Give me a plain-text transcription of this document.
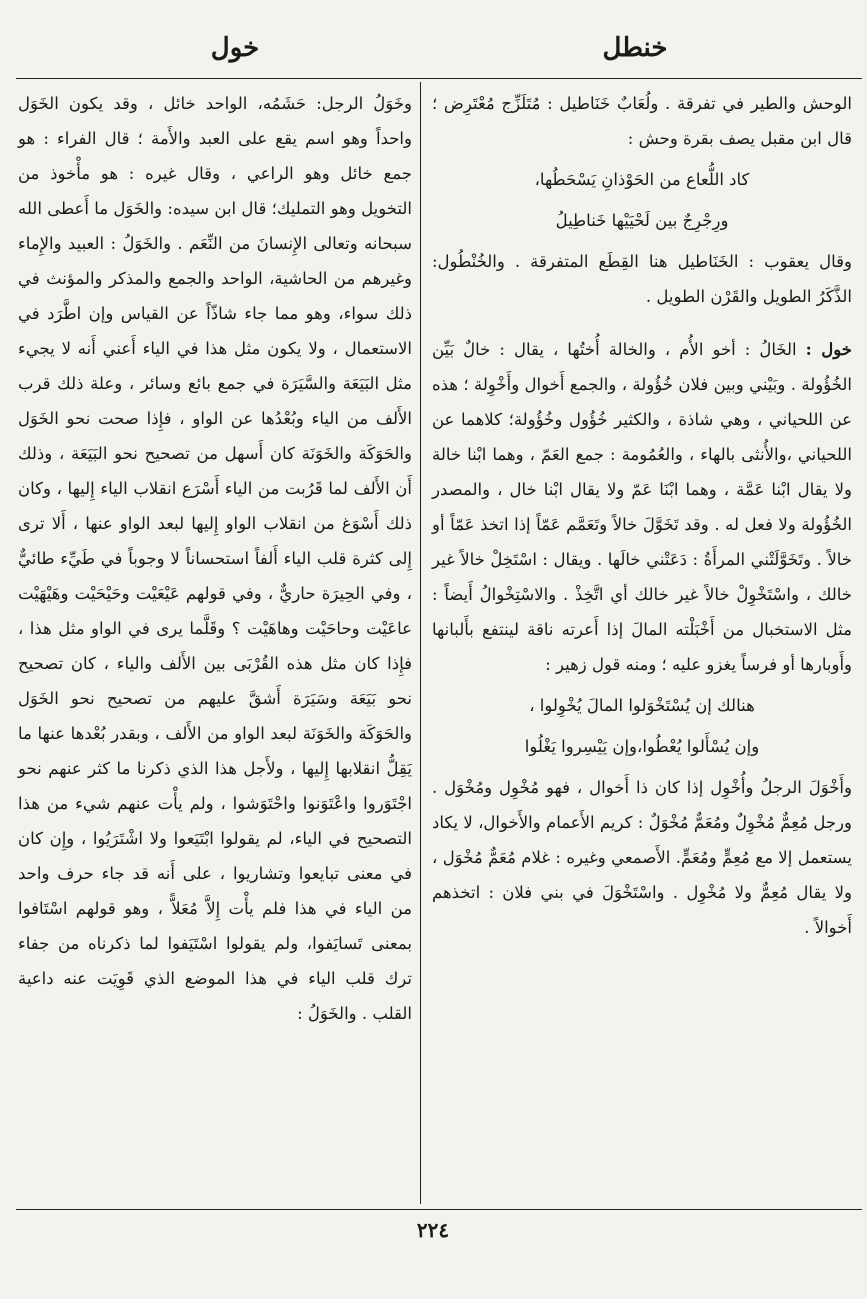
خنطل
خول

الوحش والطير في تفرقة . ولُعَابٌ خَنَاطيل : مُتَلَزِّج مُعْتَرِض ؛ قال ابن مقبل يصف بقرة وحش :

كاد اللُّعاع من الحَوْذانِ يَسْحَطُها،

ورِجْرِجٌ بين لَحْيَيْها خَناطِيلُ

وقال يعقوب : الخَنَاطيل هنا القِطَع المتفرقة . والخُنْطُول: الذَّكَرُ الطويل والقَرْن الطويل .

خول : الخَالُ : أخو الأُم ، والخالة أُختُها ، يقال : خالٌ بَيِّن الخُؤُولة . وبَيْني وبين فلان خُؤُولة ، والجمع أَخوال وأَخْوِلة ؛ هذه عن اللحياني ، وهي شاذة ، والكثير خُؤُول وخُؤُولة؛ كلاهما عن اللحياني ،والأُنثى بالهاء ، والعُمُومة : جمع العَمّ ، وهما ابْنا خالة ولا يقال ابْنا عَمَّة ، وهما ابْنَا عَمّ ولا يقال ابْنا خال ، والمصدر الخُؤُولة ولا فعل له . وقد تَخَوَّلَ خالاً وتَعَمَّم عَمّاً إذا اتخذ عَمّاً أو خالاً . وتَخَوَّلَتْني المرأَةُ : دَعَتْني خالَها . ويقال : اسْتَخِلْ خالاً غير خالك ، واسْتَخْوِلْ خالاً غير خالك أي اتَّخِذْ . والاسْتِخْوالُ أَيضاً : مثل الاستخبال من أَخْبَلْته المالَ إذا أَعرته ناقة لينتفع بأَلبانها وأَوبارها أو فرساً يغزو عليه ؛ ومنه قول زهير :

هنالك إن يُسْتَخْوَلوا المالَ يُخْوِلوا ،

وإن يُسْأَلوا يُعْطُوا،وإن يَيْسِروا يَغْلُوا

وأَخْوَلَ الرجلُ وأُخْوِل إذا كان ذا أَخوال ، فهو مُخْوِل ومُخْوَل . ورجل مُعِمٌّ مُخْوِلٌ ومُعَمٌّ مُخْوَلٌ : كريم الأَعمام والأَخوال، لا يكاد يستعمل إلا مع مُعِمٍّ ومُعَمٍّ. الأَصمعي وغيره : غلام مُعَمٌّ مُخْوَل ، ولا يقال مُعِمٌّ ولا مُخْوِل . واسْتَخْوَلَ في بني فلان : اتخذهم أَخوالاً .

وخَوَلُ الرجل: حَشَمُه، الواحد خائل ، وقد يكون الخَوَل واحداً وهو اسم يقع على العبد والأَمة ؛ قال الفراء : هو جمع خائل وهو الراعي ، وقال غيره : هو مأْخوذ من التخويل وهو التمليك؛ قال ابن سيده: والخَوَل ما أَعطى الله سبحانه وتعالى الإِنسانَ من النِّعَم . والخَوَلُ : العبيد والإِماء وغيرهم من الحاشية، الواحد والجمع والمذكر والمؤنث في ذلك سواء، وهو مما جاء شاذّاً عن القياس وإن اطَّرَد في الاستعمال ، ولا يكون مثل هذا في الياء أَعني أَنه لا يجيء مثل البَيَعَة والسَّيَرَة في جمع بائع وسائر ، وعلة ذلك قرب الأَلف من الياء وبُعْدُها عن الواو ، فإِذا صحت نحو الخَوَل والحَوَكَة والخَوَنَة كان أَسهل من تصحيح نحو البَيَعَة ، وذلك أَن الأَلف لما قَرُبت من الياء أَسْرَع انقلاب الياء إِليها ، وكان ذلك أَسْوَغ من انقلاب الواو إِليها لبعد الواو عنها ، أَلا ترى إِلى كثرة قلب الياء أَلفاً استحساناً لا وجوباً في طَيِّء طائيٌّ ، وفي الحِيرَة حاريٌّ ، وفي قولهم عَيْعَيْت وحَيْحَيْت وهَيْهَيْت عاعَيْت وحاحَيْت وهاهَيْت ؟ وقَلَّما يرى في الواو مثل هذا ، فإِذا كان مثل هذه القُرْبَى بين الأَلف والياء ، كان تصحيح نحو بَيَعَة وسَيَرَة أَشقَّ عليهم من تصحيح نحو الخَوَل والحَوَكَة والخَوَنَة لبعد الواو من الأَلف ، وبقدر بُعْدها عنها ما يَقِلُّ انقلابها إِليها ، ولأَجل هذا الذي ذكرنا ما كثر عنهم نحو اجْتَوَروا واعْتَوَنوا واحْتَوَشوا ، ولم يأْت عنهم شيء من هذا التصحيح في الياء، لم يقولوا ابْتَيَعوا ولا اشْتَرَيُوا ، وإِن كان في معنى تبايعوا وتشاريوا ، على أَنه قد جاء حرف واحد من الياء في هذا فلم يأْت إِلاَّ مُعَلاًّ ، وهو قولهم اسْتَافوا بمعنى تَسايَفوا، ولم يقولوا اسْتَيَفوا لما ذكرناه من جفاء ترك قلب الياء في هذا الموضع الذي قَوِيَت عنه داعية القلب . والخَوَلُ :

٢٢٤
